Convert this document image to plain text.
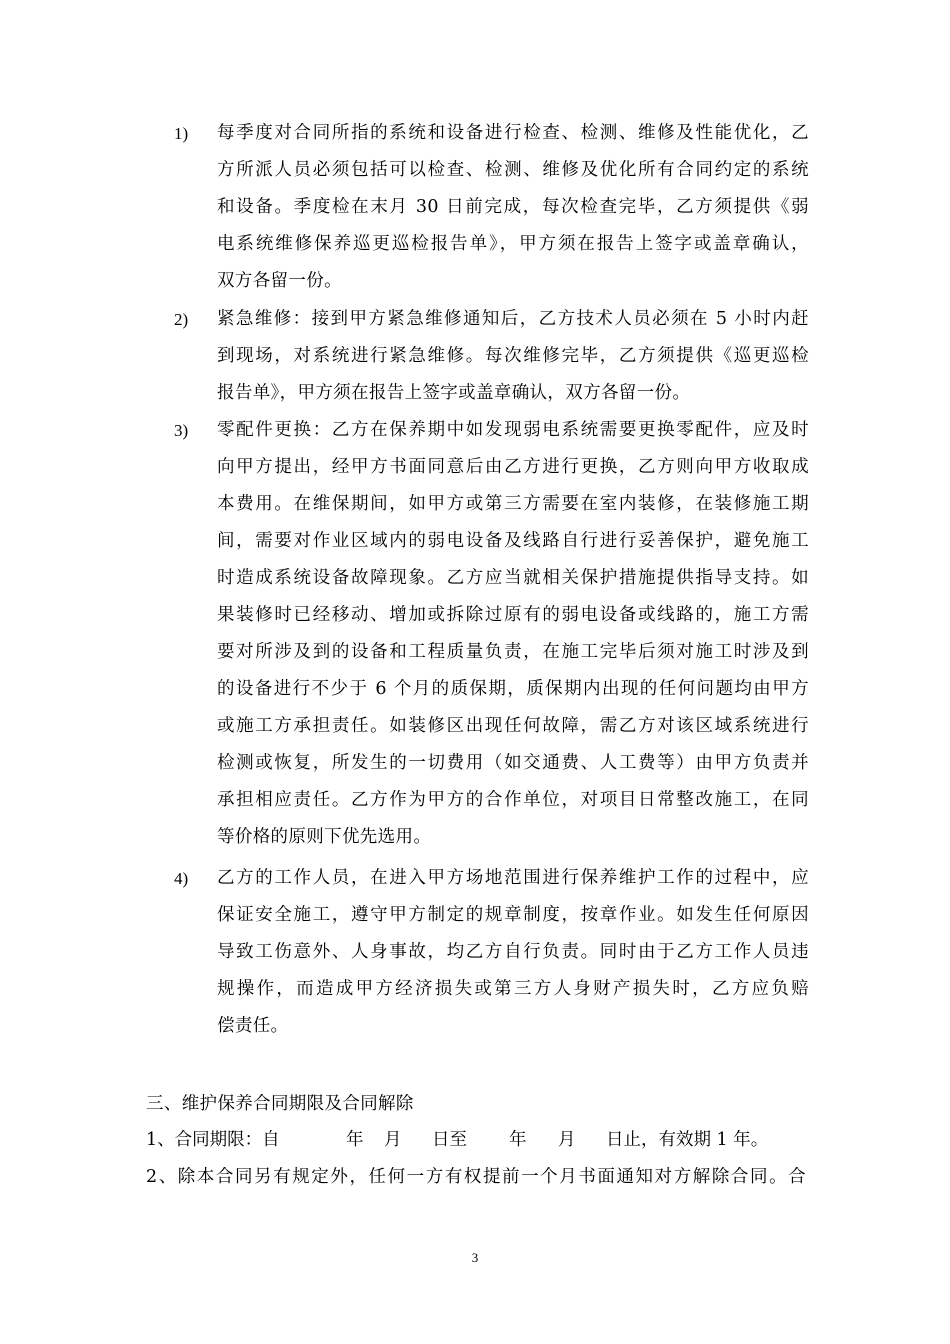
1) 每季度对合同所指的系统和设备进行检查、检测、维修及性能优化，乙
方所派人员必须包括可以检查、检测、维修及优化所有合同约定的系统
和设备。季度检在末月 30 日前完成，每次检查完毕，乙方须提供《弱
电系统维修保养巡更巡检报告单》，甲方须在报告上签字或盖章确认，
双方各留一份。
2) 紧急维修：接到甲方紧急维修通知后，乙方技术人员必须在 5 小时内赶
到现场，对系统进行紧急维修。每次维修完毕，乙方须提供《巡更巡检
报告单》，甲方须在报告上签字或盖章确认，双方各留一份。
3) 零配件更换：乙方在保养期中如发现弱电系统需要更换零配件，应及时
向甲方提出，经甲方书面同意后由乙方进行更换，乙方则向甲方收取成
本费用。在维保期间，如甲方或第三方需要在室内装修，在装修施工期
间，需要对作业区域内的弱电设备及线路自行进行妥善保护，避免施工
时造成系统设备故障现象。乙方应当就相关保护措施提供指导支持。如
果装修时已经移动、增加或拆除过原有的弱电设备或线路的，施工方需
要对所涉及到的设备和工程质量负责，在施工完毕后须对施工时涉及到
的设备进行不少于 6 个月的质保期，质保期内出现的任何问题均由甲方
或施工方承担责任。如装修区出现任何故障，需乙方对该区域系统进行
检测或恢复，所发生的一切费用（如交通费、人工费等）由甲方负责并
承担相应责任。乙方作为甲方的合作单位，对项目日常整改施工，在同
等价格的原则下优先选用。
4) 乙方的工作人员，在进入甲方场地范围进行保养维护工作的过程中，应
保证安全施工，遵守甲方制定的规章制度，按章作业。如发生任何原因
导致工伤意外、人身事故，均乙方自行负责。同时由于乙方工作人员违
规操作，而造成甲方经济损失或第三方人身财产损失时，乙方应负赔
偿责任。
三、维护保养合同期限及合同解除
1、合同期限：自	年 月 日至 年 月 日止，有效期 1 年。
2、除本合同另有规定外，任何一方有权提前一个月书面通知对方解除合同。合
3
